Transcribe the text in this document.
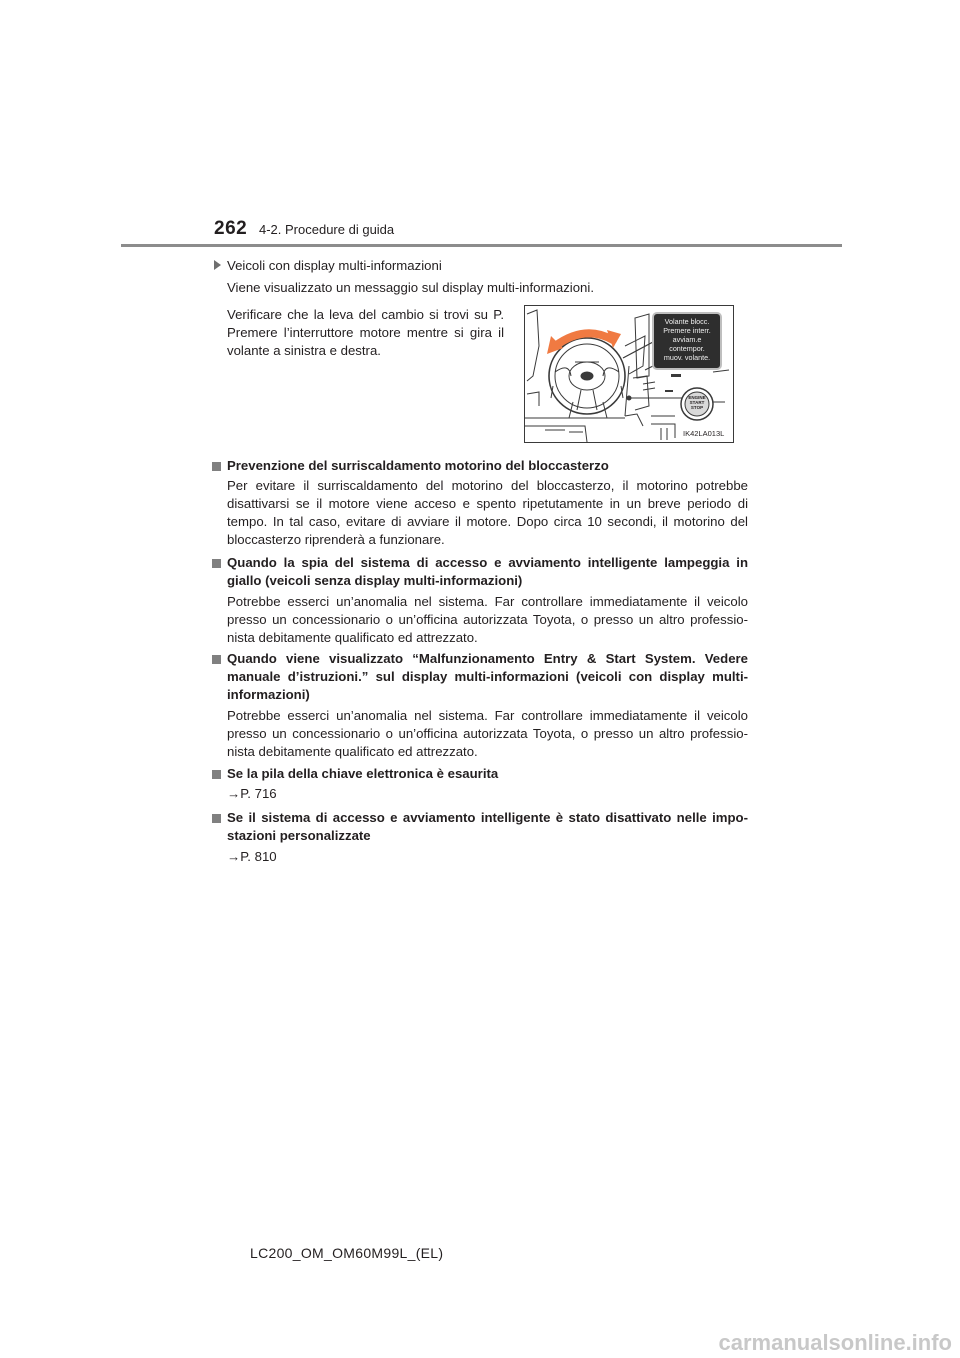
262 4-2. Procedure di guida
Veicoli con display multi-informazioni
Viene visualizzato un messaggio sul display multi-informazioni.
Verificare che la leva del cambio si trovi su P.
Premere l’interruttore motore mentre si gira il
volante a sinistra e destra.
Volante blocc.
Premere interr.
avviam.e
contempor.
muov. volante.
ENGINE
START
STOP
IK42LA013L
Prevenzione del surriscaldamento motorino del bloccasterzo
Per evitare il surriscaldamento del motorino del bloccasterzo, il motorino potrebbe
disattivarsi se il motore viene acceso e spento ripetutamente in un breve periodo di
tempo. In tal caso, evitare di avviare il motore. Dopo circa 10 secondi, il motorino del
bloccasterzo riprenderà a funzionare.
Quando la spia del sistema di accesso e avviamento intelligente lampeggia in
giallo (veicoli senza display multi-informazioni)
Potrebbe esserci un’anomalia nel sistema. Far controllare immediatamente il veicolo
presso un concessionario o un’officina autorizzata Toyota, o presso un altro professio-
nista debitamente qualificato ed attrezzato.
Quando viene visualizzato “Malfunzionamento Entry & Start System. Vedere
manuale d’istruzioni.” sul display multi-informazioni (veicoli con display multi-
informazioni)
Potrebbe esserci un’anomalia nel sistema. Far controllare immediatamente il veicolo
presso un concessionario o un’officina autorizzata Toyota, o presso un altro professio-
nista debitamente qualificato ed attrezzato.
Se la pila della chiave elettronica è esaurita
→P. 716
Se il sistema di accesso e avviamento intelligente è stato disattivato nelle impo-
stazioni personalizzate
→P. 810
LC200_OM_OM60M99L_(EL)
carmanualsonline.info
